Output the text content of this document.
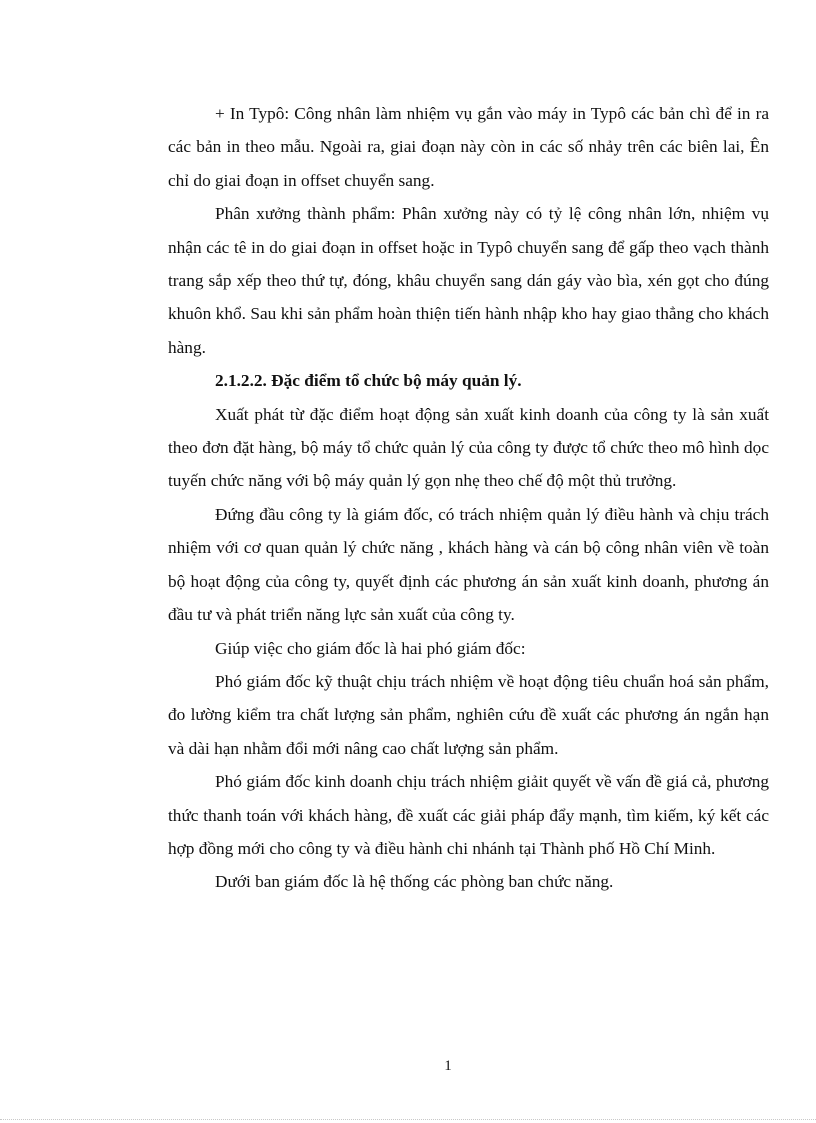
+ In Typô: Công nhân làm nhiệm vụ gắn vào máy in Typô các bản chì để in ra các bản in theo mẫu. Ngoài ra, giai đoạn này còn in các số nhảy trên các biên lai, Ên chỉ do giai đoạn in offset chuyển sang.

Phân xưởng thành phẩm: Phân xưởng này có tỷ lệ công nhân lớn, nhiệm vụ nhận các tê in do giai đoạn in offset hoặc in Typô chuyển sang để gấp theo vạch thành trang sắp xếp theo thứ tự, đóng, khâu chuyển sang dán gáy vào bìa, xén gọt cho đúng khuôn khổ. Sau khi sản phẩm hoàn thiện tiến hành nhập kho hay giao thẳng cho khách hàng.

2.1.2.2. Đặc điểm tổ chức bộ máy quản lý.

Xuất phát từ đặc điểm hoạt động sản xuất kinh doanh của công ty là sản xuất theo đơn đặt hàng, bộ máy tổ chức quản lý của công ty được tổ chức theo mô hình dọc tuyến chức năng với bộ máy quản lý gọn nhẹ theo chế độ một thủ trưởng.

Đứng đầu công ty là giám đốc, có trách nhiệm quản lý điều hành và chịu trách nhiệm với cơ quan quản lý chức năng , khách hàng và cán bộ công nhân viên về toàn bộ hoạt động của công ty, quyết định các phương án sản xuất kinh doanh, phương án đầu tư và phát triển năng lực sản xuất của công ty.

Giúp việc cho giám đốc là hai phó giám đốc:

Phó giám đốc kỹ thuật chịu trách nhiệm về hoạt động tiêu chuẩn hoá sản phẩm, đo lường kiểm tra chất lượng sản phẩm, nghiên cứu đề xuất các phương án ngắn hạn và dài hạn nhằm đổi mới nâng cao chất lượng sản phẩm.

Phó giám đốc kinh doanh chịu trách nhiệm giảit quyết về vấn đề giá cả, phương thức thanh toán với khách hàng, đề xuất các giải pháp đẩy mạnh, tìm kiếm, ký kết các hợp đồng mới cho công ty và điều hành chi nhánh tại Thành phố Hồ Chí Minh.

Dưới ban giám đốc là hệ thống các phòng ban chức năng.

1
